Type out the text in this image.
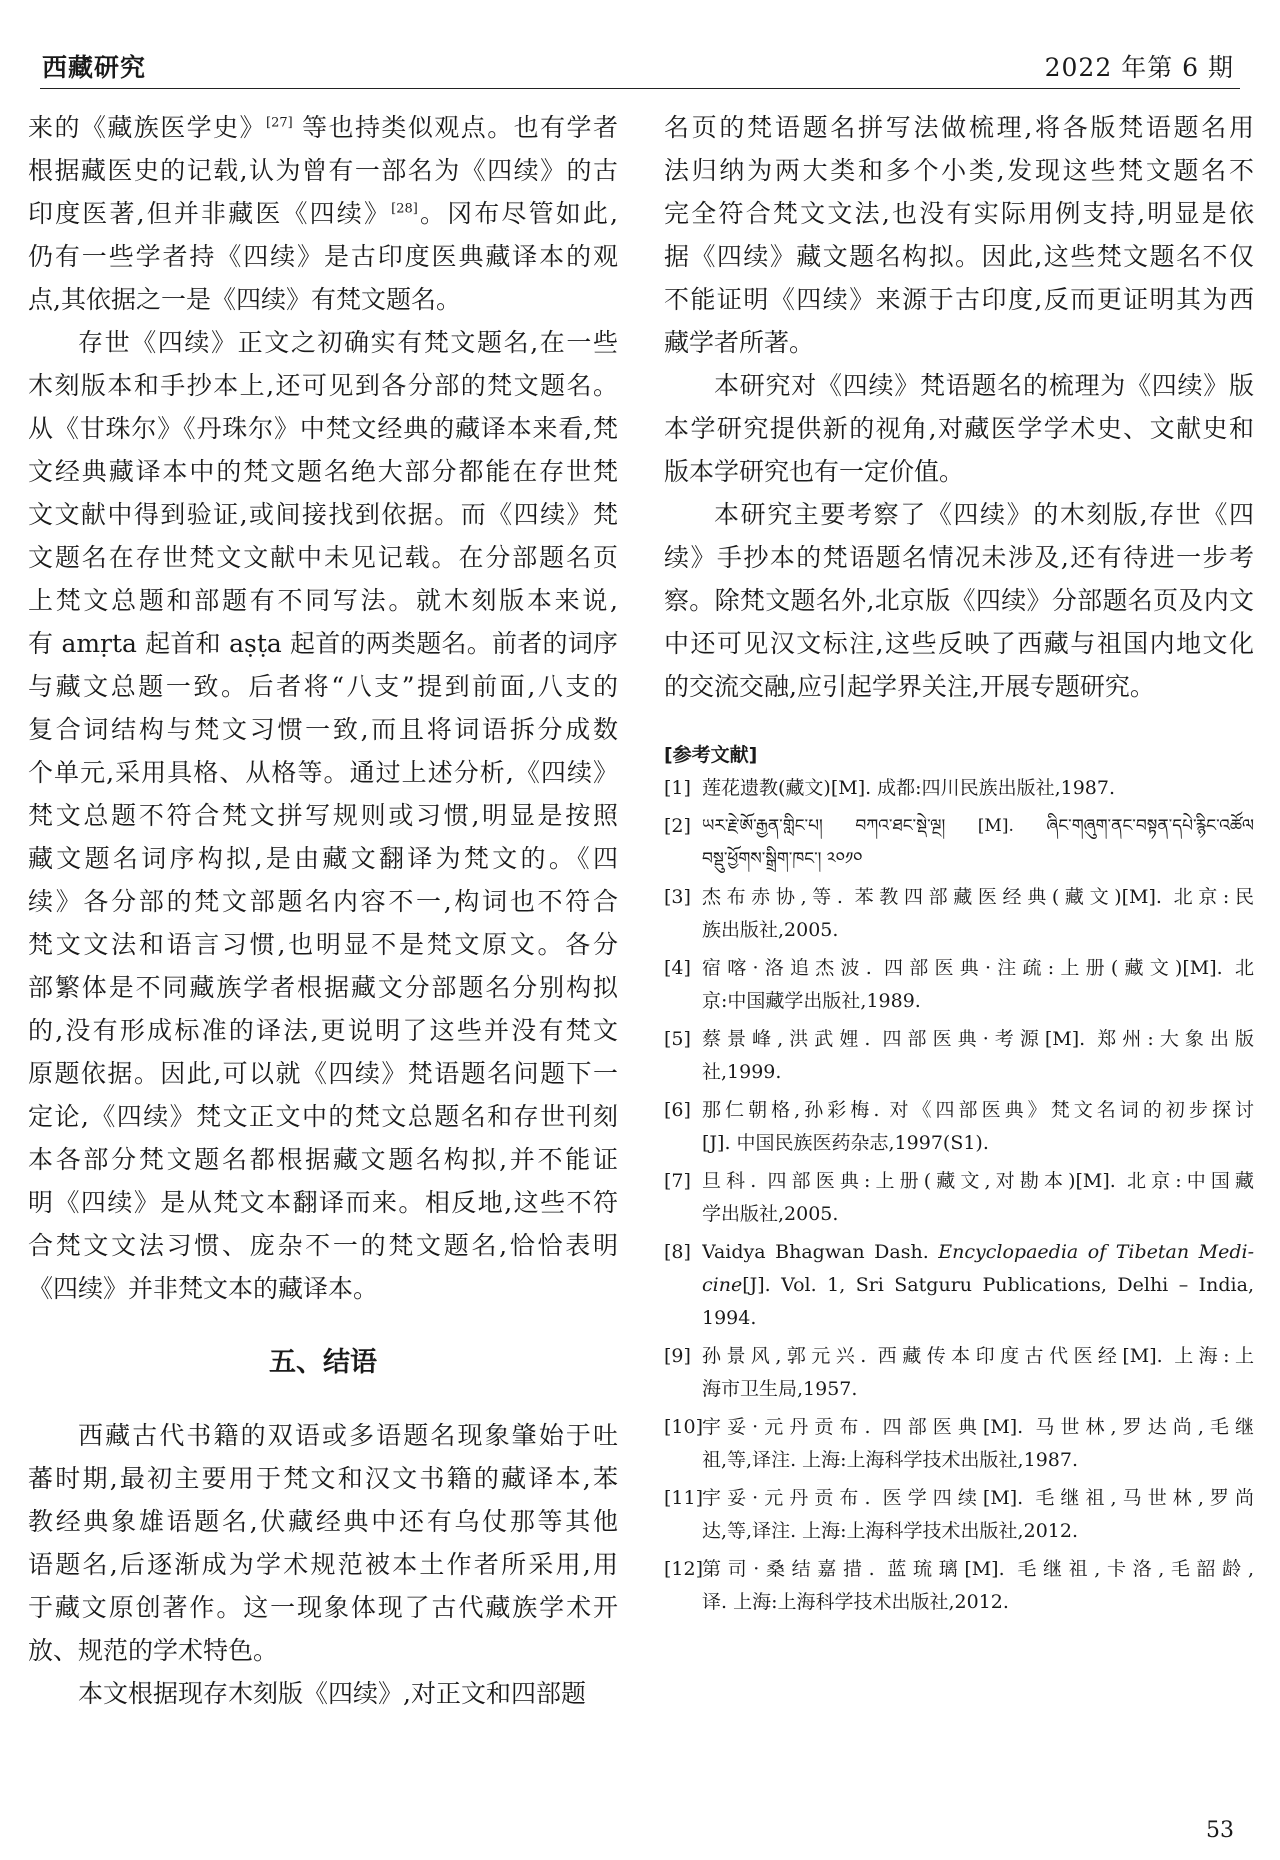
西藏研究	2022 年第 6 期
来的《藏族医学史》[27] 等也持类似观点。也有学者
根据藏医史的记载,认为曾有一部名为《四续》的古
印度医著,但并非藏医《四续》[28]。冈布尽管如此,
仍有一些学者持《四续》是古印度医典藏译本的观
点,其依据之一是《四续》有梵文题名。
存世《四续》正文之初确实有梵文题名,在一些
木刻版本和手抄本上,还可见到各分部的梵文题名。
从《甘珠尔》《丹珠尔》中梵文经典的藏译本来看,梵
文经典藏译本中的梵文题名绝大部分都能在存世梵
文文献中得到验证,或间接找到依据。而《四续》梵
文题名在存世梵文文献中未见记载。在分部题名页
上梵文总题和部题有不同写法。就木刻版本来说,
有 amṛta 起首和 aṣṭa 起首的两类题名。前者的词序
与藏文总题一致。后者将“八支”提到前面,八支的
复合词结构与梵文习惯一致,而且将词语拆分成数
个单元,采用具格、从格等。通过上述分析,《四续》
梵文总题不符合梵文拼写规则或习惯,明显是按照
藏文题名词序构拟,是由藏文翻译为梵文的。《四
续》各分部的梵文部题名内容不一,构词也不符合
梵文文法和语言习惯,也明显不是梵文原文。各分
部繁体是不同藏族学者根据藏文分部题名分别构拟
的,没有形成标准的译法,更说明了这些并没有梵文
原题依据。因此,可以就《四续》梵语题名问题下一
定论,《四续》梵文正文中的梵文总题名和存世刊刻
本各部分梵文题名都根据藏文题名构拟,并不能证
明《四续》是从梵文本翻译而来。相反地,这些不符
合梵文文法习惯、庞杂不一的梵文题名,恰恰表明
《四续》并非梵文本的藏译本。
五、结语
西藏古代书籍的双语或多语题名现象肇始于吐
蕃时期,最初主要用于梵文和汉文书籍的藏译本,苯
教经典象雄语题名,伏藏经典中还有乌仗那等其他
语题名,后逐渐成为学术规范被本土作者所采用,用
于藏文原创著作。这一现象体现了古代藏族学术开
放、规范的学术特色。
本文根据现存木刻版《四续》,对正文和四部题
名页的梵语题名拼写法做梳理,将各版梵语题名用
法归纳为两大类和多个小类,发现这些梵文题名不
完全符合梵文文法,也没有实际用例支持,明显是依
据《四续》藏文题名构拟。因此,这些梵文题名不仅
不能证明《四续》来源于古印度,反而更证明其为西
藏学者所著。
本研究对《四续》梵语题名的梳理为《四续》版
本学研究提供新的视角,对藏医学学术史、文献史和
版本学研究也有一定价值。
本研究主要考察了《四续》的木刻版,存世《四
续》手抄本的梵语题名情况未涉及,还有待进一步考
察。除梵文题名外,北京版《四续》分部题名页及内文
中还可见汉文标注,这些反映了西藏与祖国内地文化
的交流交融,应引起学界关注,开展专题研究。
[参考文献]
[1] 莲花遗教(藏文)[M]. 成都:四川民族出版社,1987.
[2] ཡར་རྗེ་ཨོ་རྒྱན་གླིང་པ། བཀའ་ཐང་སྡེ་ལྔ། [M]. ཞིང་གཞུག་ནང་བསྟན་དཔེ་རྙིང་འཚོལ
བསྡུ་ཕྱོགས་སྒྲིག་ཁང་། ༢༠༡༠
[3] 杰布赤协,等. 苯教四部藏医经典(藏文)[M]. 北京:民
族出版社,2005.
[4] 宿喀·洛追杰波. 四部医典·注疏:上册(藏文)[M]. 北
京:中国藏学出版社,1989.
[5] 蔡景峰,洪武娌. 四部医典·考源[M]. 郑州:大象出版
社,1999.
[6] 那仁朝格,孙彩梅. 对《四部医典》梵文名词的初步探讨
[J]. 中国民族医药杂志,1997(S1).
[7] 旦科. 四部医典:上册(藏文,对勘本)[M]. 北京:中国藏
学出版社,2005.
[8] Vaidya Bhagwan Dash. Encyclopaedia of Tibetan Medi-
cine[J]. Vol. 1, Sri Satguru Publications, Delhi – India,
1994.
[9] 孙景风,郭元兴. 西藏传本印度古代医经[M]. 上海:上
海市卫生局,1957.
[10]
宇妥·元丹贡布. 四部医典[M]. 马世林,罗达尚,毛继
祖,等,译注. 上海:上海科学技术出版社,1987.
[11]
宇妥·元丹贡布. 医学四续[M]. 毛继祖,马世林,罗尚
达,等,译注. 上海:上海科学技术出版社,2012.
[12]
第司·桑结嘉措. 蓝琉璃[M]. 毛继祖,卡洛,毛韶龄,
译. 上海:上海科学技术出版社,2012.
53
